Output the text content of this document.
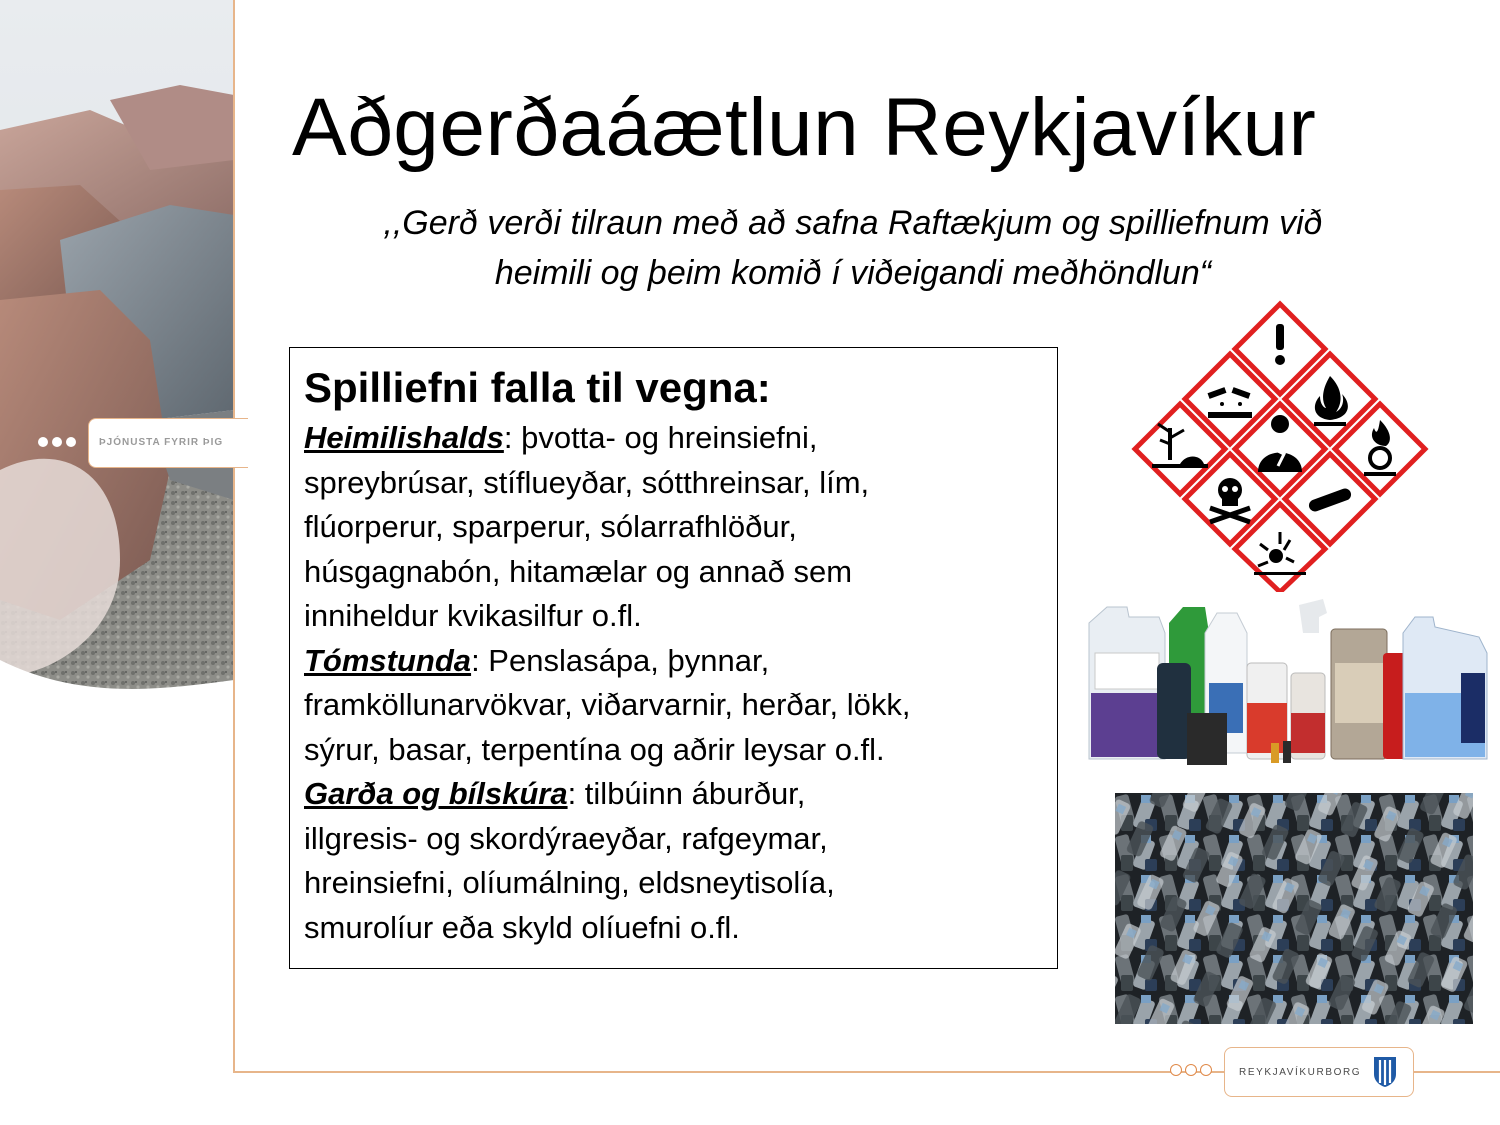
ÞJÓNUSTA FYRIR ÞIG
Aðgerðaáætlun Reykjavíkur
,,Gerð verði tilraun með að safna Raftækjum og spilliefnum við
heimili og þeim komið í viðeigandi meðhöndlun“
Spilliefni falla til vegna:

Heimilishalds: þvotta- og hreinsiefni,

spreybrúsar, stíflueyðar, sótthreinsar, lím,

flúorperur, sparperur, sólarrafhlöður,

húsgagnabón, hitamælar og annað sem

inniheldur kvikasilfur o.fl.

Tómstunda: Penslasápa, þynnar,

framköllunarvökvar, viðarvarnir, herðar, lökk,

sýrur, basar, terpentína og aðrir leysar o.fl.

Garða og bílskúra: tilbúinn áburður,

illgresis- og skordýraeyðar, rafgeymar,

hreinsiefni, olíumálning, eldsneytisolía,

smurolíur eða skyld olíuefni o.fl.

REYKJAVÍKURBORG
